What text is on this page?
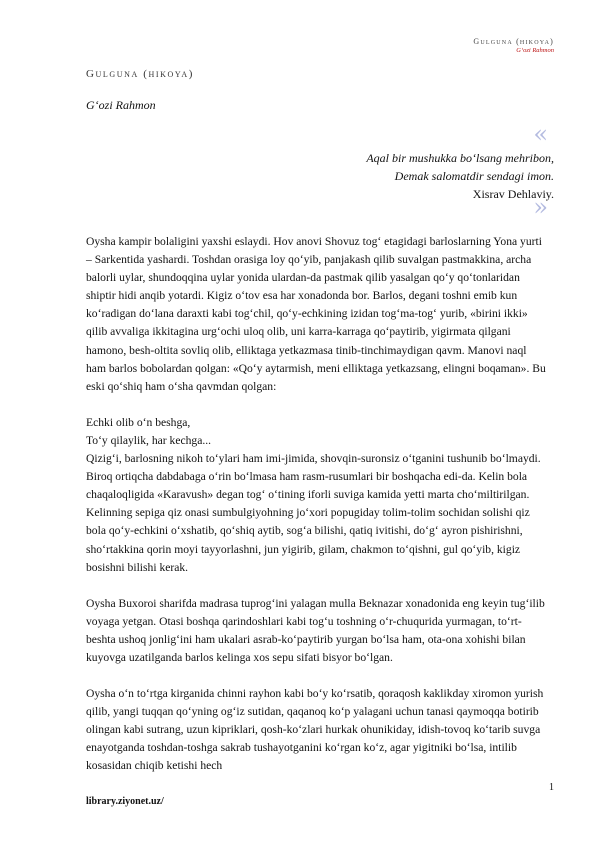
Gulguna (hikoya)
G‘ozi Rahmon
Gulguna (hikoya)
G‘ozi Rahmon
«
Aqal bir mushukka bo‘lsang mehribon,
Demak salomatdir sendagi imon.
Xisrav Dehlaviy.
»

Oysha kampir bolaligini yaxshi eslaydi. Hov anovi Shovuz tog‘ etagidagi barloslarning Yona yurti – Sarkentida yashardi. Toshdan orasiga loy qo‘yib, panjakash qilib suvalgan pastmakkina, archa balorli uylar, shundoqqina uylar yonida ulardan-da pastmak qilib yasalgan qo‘y qo‘tonlaridan shiptir hidi anqib yotardi. Kigiz o‘tov esa har xonadonda bor. Barlos, degani toshni emib kun ko‘radigan do‘lana daraxti kabi tog‘chil, qo‘y-echkining izidan tog‘ma-tog‘ yurib, «birini ikki» qilib avvaliga ikkitagina urg‘ochi uloq olib, uni karra-karraga qo‘paytirib, yigirmata qilgani hamono, besh-oltita sovliq olib, elliktaga yetkazmasa tinib-tinchimaydigan qavm. Manovi naql ham barlos bobolardan qolgan: «Qo‘y aytarmish, meni elliktaga yetkazsang, elingni boqaman». Bu eski qo‘shiq ham o‘sha qavmdan qolgan:

Echki olib o‘n beshga,
To‘y qilaylik, har kechga...
Qizig‘i, barlosning nikoh to‘ylari ham imi-jimida, shovqin-suronsiz o‘tganini tushunib bo‘lmaydi. Biroq ortiqcha dabdabaga o‘rin bo‘lmasa ham rasm-rusumlari bir boshqacha edi-da. Kelin bola chaqaloqligida «Karavush» degan tog‘ o‘tining iforli suviga kamida yetti marta cho‘miltirilgan. Kelinning sepiga qiz onasi sumbulgiyohning jo‘xori popugiday tolim-tolim sochidan solishi qiz bola qo‘y-echkini o‘xshatib, qo‘shiq aytib, sog‘a bilishi, qatiq ivitishi, do‘g‘ ayron pishirishni, sho‘rtakkina qorin moyi tayyorlashni, jun yigirib, gilam, chakmon to‘qishni, gul qo‘yib, kigiz bosishni bilishi kerak.

Oysha Buxoroi sharifda madrasa tuprog‘ini yalagan mulla Beknazar xonadonida eng keyin tug‘ilib voyaga yetgan. Otasi boshqa qarindoshlari kabi tog‘u toshning o‘r-chuqurida yurmagan, to‘rt-beshta ushoq jonlig‘ini ham ukalari asrab-ko‘paytirib yurgan bo‘lsa ham, ota-ona xohishi bilan kuyovga uzatilganda barlos kelinga xos sepu sifati bisyor bo‘lgan.

Oysha o‘n to‘rtga kirganida chinni rayhon kabi bo‘y ko‘rsatib, qoraqosh kaklikday xiromon yurish qilib, yangi tuqqan qo‘yning og‘iz sutidan, qaqanoq ko‘p yalagani uchun tanasi qaymoqqa botirib olingan kabi sutrang, uzun kipriklari, qosh-ko‘zlari hurkak ohunikiday, idish-tovoq ko‘tarib suvga enayotganda toshdan-toshga sakrab tushayotganini ko‘rgan ko‘z, agar yigitniki bo‘lsa, intilib kosasidan chiqib ketishi hech

1
library.ziyonet.uz/
